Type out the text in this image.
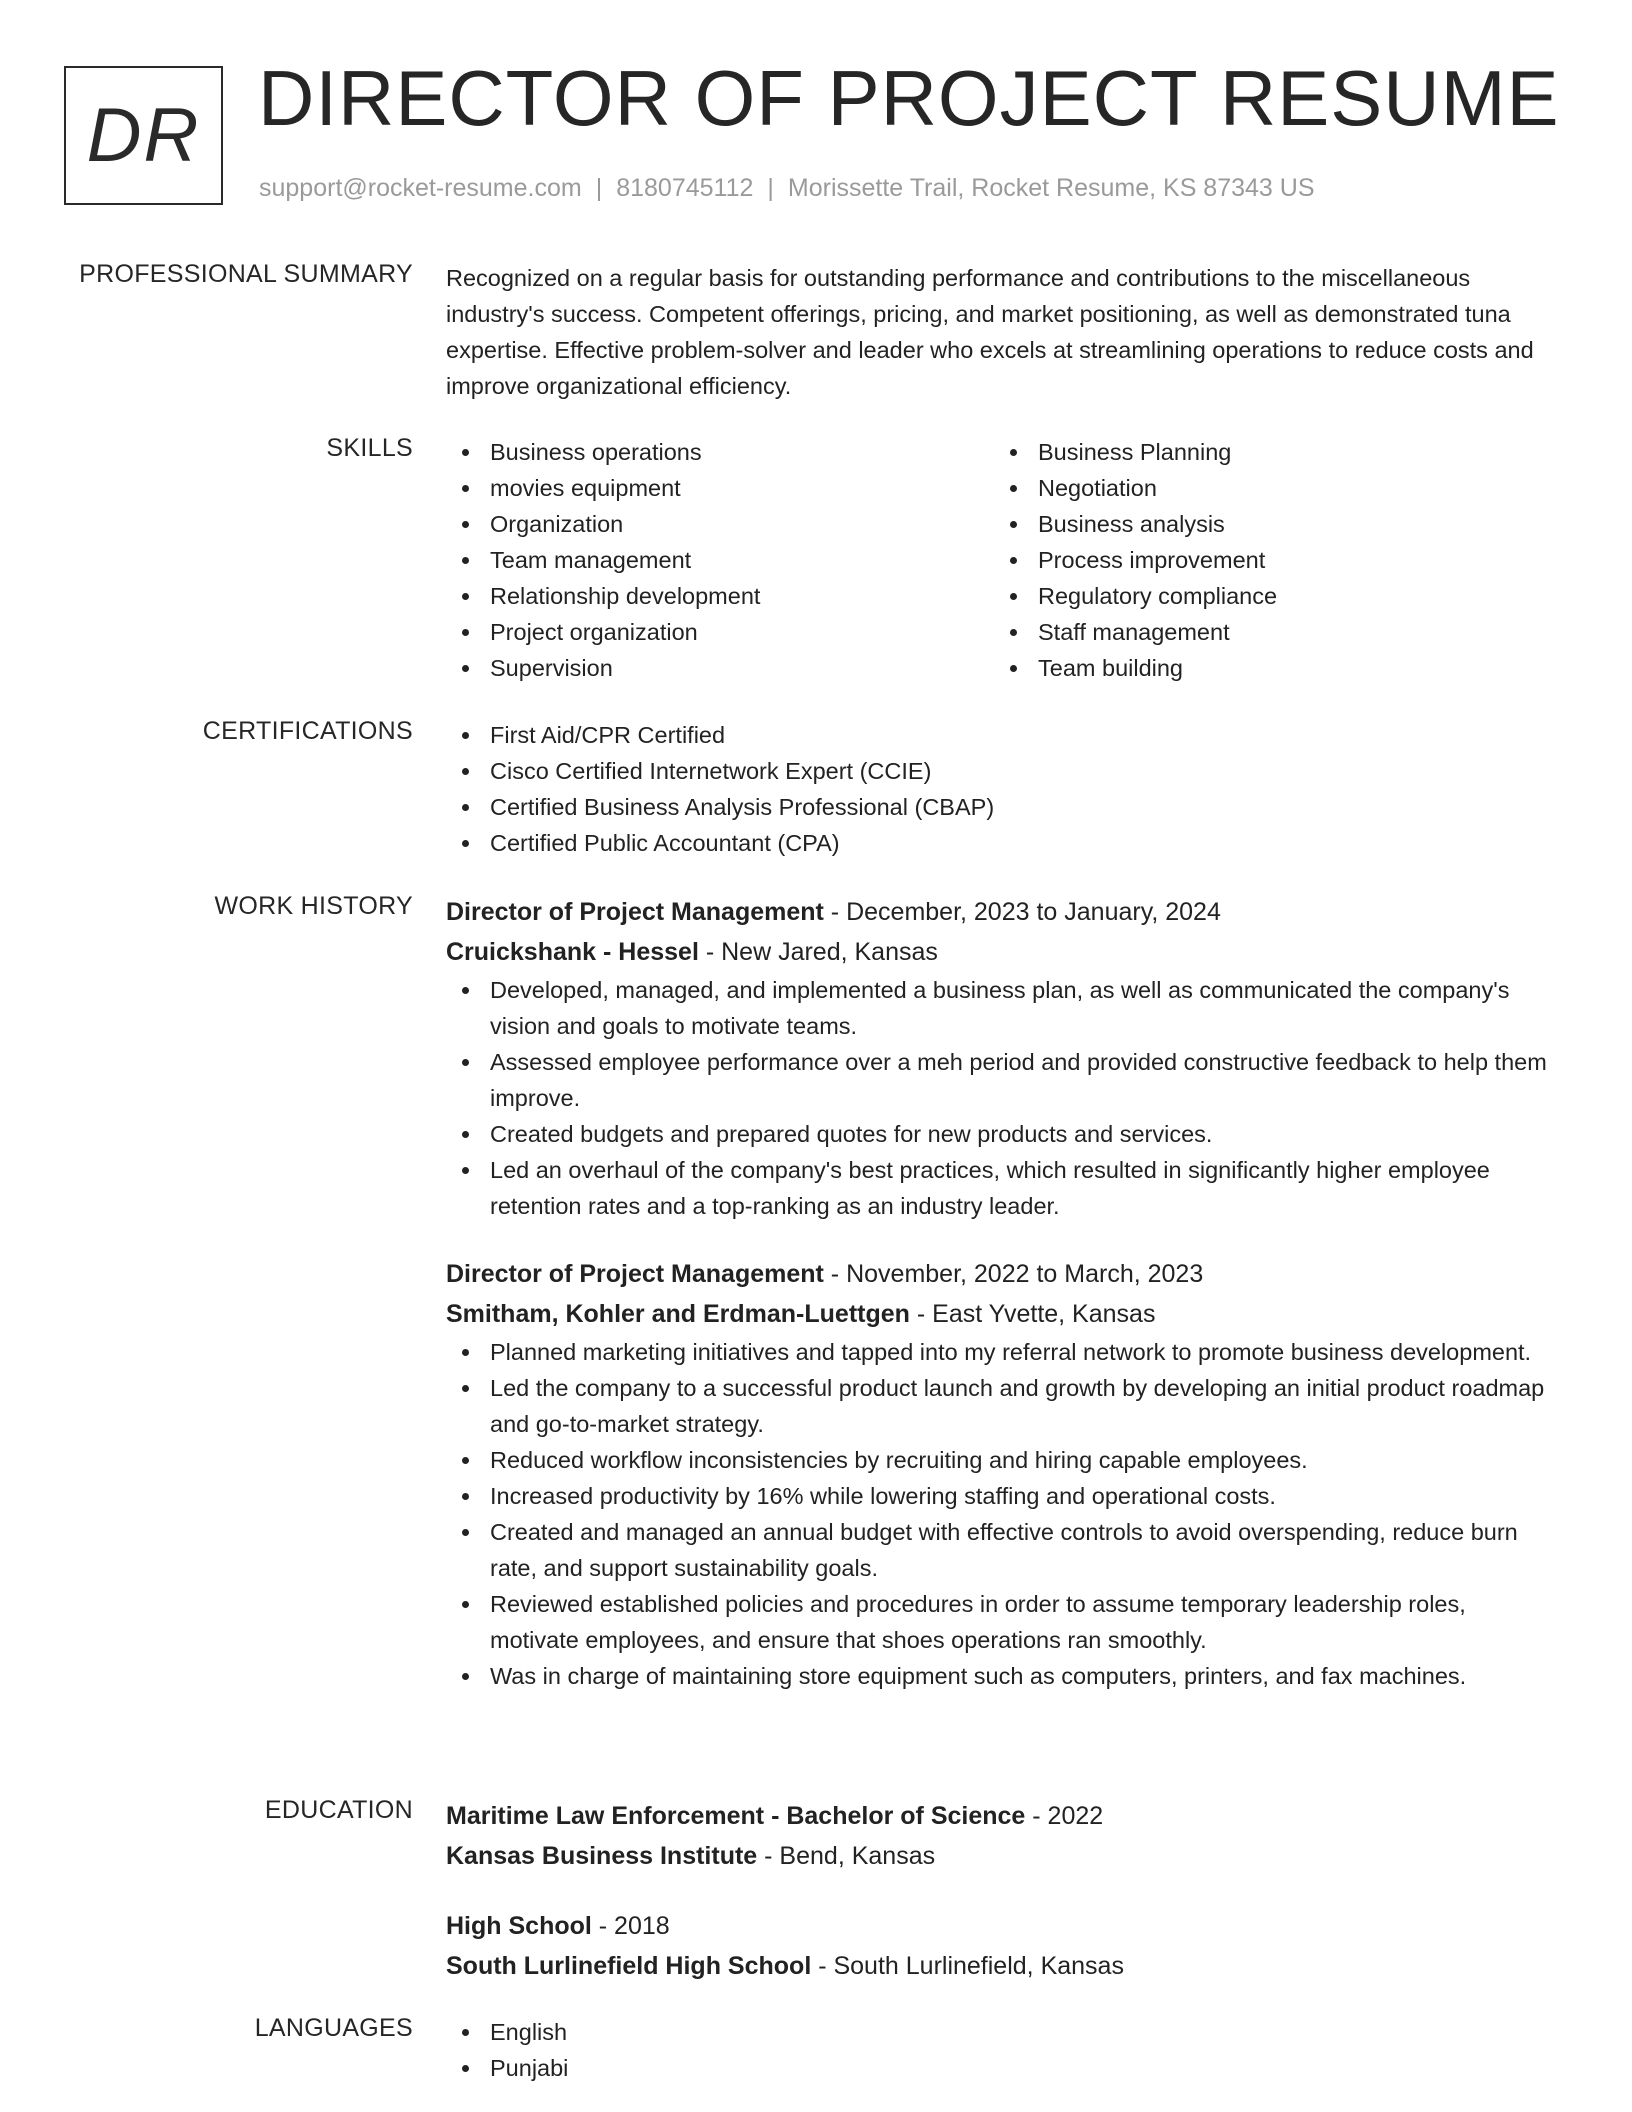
DR DIRECTOR OF PROJECT RESUME
support@rocket-resume.com | 8180745112 | Morissette Trail, Rocket Resume, KS 87343 US
PROFESSIONAL SUMMARY Recognized on a regular basis for outstanding performance and contributions to the miscellaneous industry's success. Competent offerings, pricing, and market positioning, as well as demonstrated tuna expertise. Effective problem-solver and leader who excels at streamlining operations to reduce costs and improve organizational efficiency.

SKILLS	Business operations
movies equipment
Organization
Team management
Relationship development
Project organization
Supervision
Business Planning
Negotiation
Business analysis
Process improvement
Regulatory compliance
Staff management
Team building
CERTIFICATIONS	First Aid/CPR Certified
Cisco Certified Internetwork Expert (CCIE)
Certified Business Analysis Professional (CBAP)
Certified Public Accountant (CPA)
WORK HISTORY Director of Project Management - December, 2023 to January, 2024
Cruickshank - Hessel - New Jared, Kansas
Developed, managed, and implemented a business plan, as well as communicated the company's vision and goals to motivate teams.
Assessed employee performance over a meh period and provided constructive feedback to help them improve.
Created budgets and prepared quotes for new products and services.
Led an overhaul of the company's best practices, which resulted in significantly higher employee retention rates and a top-ranking as an industry leader.
Director of Project Management - November, 2022 to March, 2023
Smitham, Kohler and Erdman-Luettgen - East Yvette, Kansas
Planned marketing initiatives and tapped into my referral network to promote business development.
Led the company to a successful product launch and growth by developing an initial product roadmap and go-to-market strategy.
Reduced workflow inconsistencies by recruiting and hiring capable employees.
Increased productivity by 16% while lowering staffing and operational costs.
Created and managed an annual budget with effective controls to avoid overspending, reduce burn rate, and support sustainability goals.
Reviewed established policies and procedures in order to assume temporary leadership roles, motivate employees, and ensure that shoes operations ran smoothly.
Was in charge of maintaining store equipment such as computers, printers, and fax machines.
EDUCATION Maritime Law Enforcement - Bachelor of Science - 2022
Kansas Business Institute - Bend, Kansas
High School - 2018
South Lurlinefield High School - South Lurlinefield, Kansas
LANGUAGES	English
Punjabi
